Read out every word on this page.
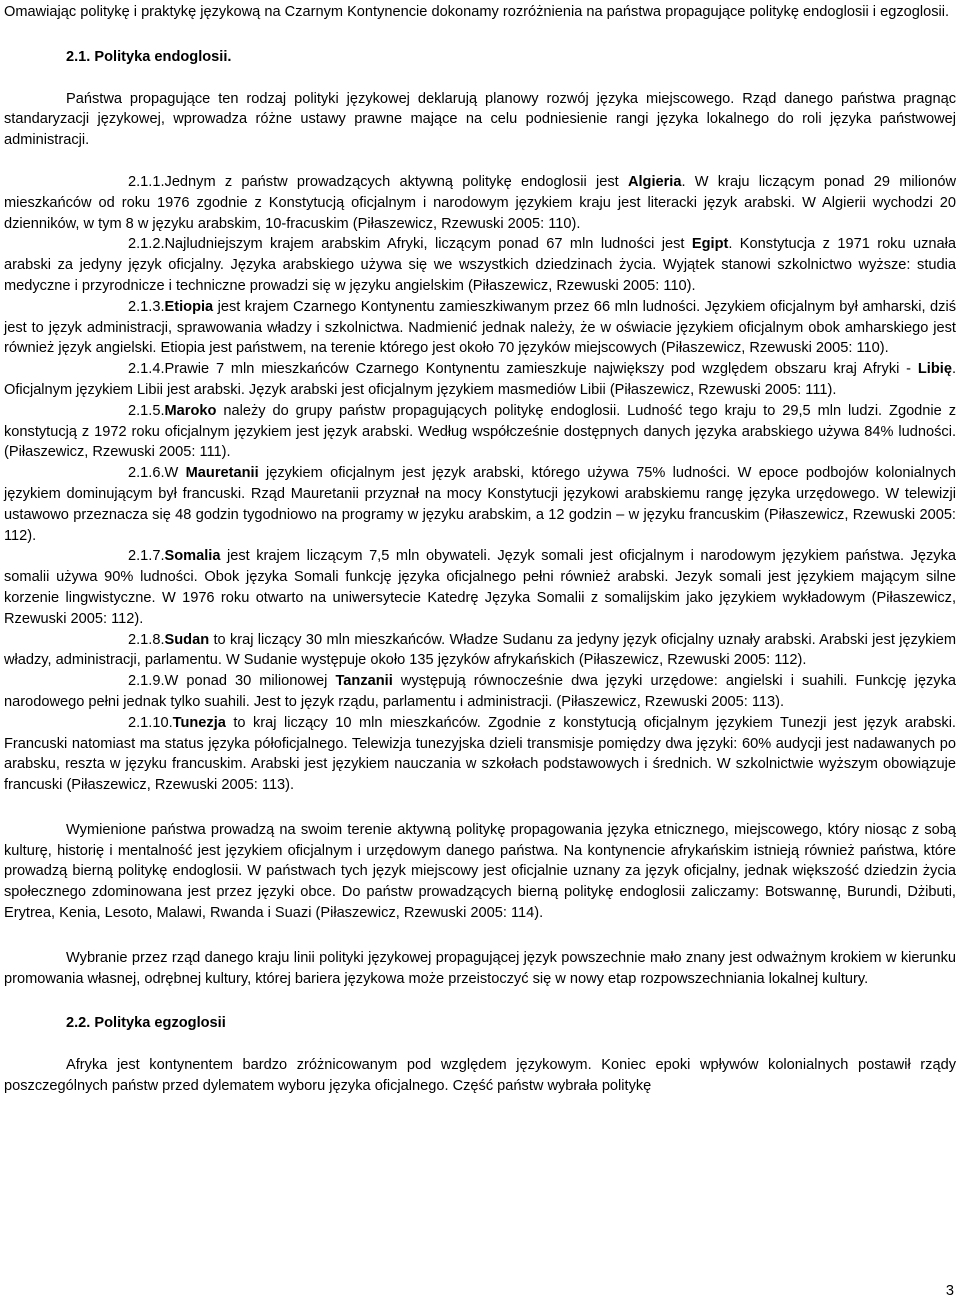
Omawiając politykę i praktykę językową na Czarnym Kontynencie dokonamy rozróżnienia na państwa propagujące politykę endoglosii i egzoglosii.

2.1. Polityka endoglosii.

Państwa propagujące ten rodzaj polityki językowej deklarują planowy rozwój języka miejscowego. Rząd danego państwa pragnąc standaryzacji językowej, wprowadza różne ustawy prawne mające na celu podniesienie rangi języka lokalnego do roli języka państwowej administracji.

2.1.1.Jednym z państw prowadzących aktywną politykę endoglosii jest Algieria. W kraju liczącym ponad 29 milionów mieszkańców od roku 1976 zgodnie z Konstytucją oficjalnym i narodowym językiem kraju jest literacki język arabski. W Algierii wychodzi 20 dzienników, w tym 8 w języku arabskim, 10-fracuskim (Piłaszewicz, Rzewuski 2005: 110).

2.1.2.Najludniejszym krajem arabskim Afryki, liczącym ponad 67 mln ludności jest Egipt. Konstytucja z 1971 roku uznała arabski za jedyny język oficjalny. Języka arabskiego używa się we wszystkich dziedzinach życia. Wyjątek stanowi szkolnictwo wyższe: studia medyczne i przyrodnicze i techniczne prowadzi się w języku angielskim (Piłaszewicz, Rzewuski 2005: 110).

2.1.3.Etiopia jest krajem Czarnego Kontynentu zamieszkiwanym przez 66 mln ludności. Językiem oficjalnym był amharski, dziś jest to język administracji, sprawowania władzy i szkolnictwa. Nadmienić jednak należy, że w oświacie językiem oficjalnym obok amharskiego jest również język angielski. Etiopia jest państwem, na terenie którego jest około 70 języków miejscowych (Piłaszewicz, Rzewuski 2005: 110).

2.1.4.Prawie 7 mln mieszkańców Czarnego Kontynentu zamieszkuje największy pod względem obszaru kraj Afryki - Libię. Oficjalnym językiem Libii jest arabski. Język arabski jest oficjalnym językiem masmediów Libii (Piłaszewicz, Rzewuski 2005: 111).

2.1.5.Maroko należy do grupy państw propagujących politykę endoglosii. Ludność tego kraju to 29,5 mln ludzi. Zgodnie z konstytucją z 1972 roku oficjalnym językiem jest język arabski. Według współcześnie dostępnych danych języka arabskiego używa 84% ludności. (Piłaszewicz, Rzewuski 2005: 111).

2.1.6.W Mauretanii językiem oficjalnym jest język arabski, którego używa 75% ludności. W epoce podbojów kolonialnych językiem dominującym był francuski. Rząd Mauretanii przyznał na mocy Konstytucji językowi arabskiemu rangę języka urzędowego. W telewizji ustawowo przeznacza się 48 godzin tygodniowo na programy w języku arabskim, a 12 godzin – w języku francuskim (Piłaszewicz, Rzewuski 2005: 112).

2.1.7.Somalia jest krajem liczącym 7,5 mln obywateli. Język somali jest oficjalnym i narodowym językiem państwa. Języka somalii używa 90% ludności. Obok języka Somali funkcję języka oficjalnego pełni również arabski. Jezyk somali jest językiem mającym silne korzenie lingwistyczne. W 1976 roku otwarto na uniwersytecie Katedrę Języka Somalii z somalijskim jako językiem wykładowym (Piłaszewicz, Rzewuski 2005: 112).

2.1.8.Sudan to kraj liczący 30 mln mieszkańców. Władze Sudanu za jedyny język oficjalny uznały arabski. Arabski jest językiem władzy, administracji, parlamentu. W Sudanie występuje około 135 języków afrykańskich (Piłaszewicz, Rzewuski 2005: 112).

2.1.9.W ponad 30 milionowej Tanzanii występują równocześnie dwa języki urzędowe: angielski i suahili. Funkcję języka narodowego pełni jednak tylko suahili. Jest to język rządu, parlamentu i administracji. (Piłaszewicz, Rzewuski 2005: 113).

2.1.10.Tunezja to kraj liczący 10 mln mieszkańców. Zgodnie z konstytucją oficjalnym językiem Tunezji jest język arabski. Francuski natomiast ma status języka półoficjalnego. Telewizja tunezyjska dzieli transmisje pomiędzy dwa języki: 60% audycji jest nadawanych po arabsku, reszta w języku francuskim. Arabski jest językiem nauczania w szkołach podstawowych i średnich. W szkolnictwie wyższym obowiązuje francuski (Piłaszewicz, Rzewuski 2005: 113).

Wymienione państwa prowadzą na swoim terenie aktywną politykę propagowania języka etnicznego, miejscowego, który niosąc z sobą kulturę, historię i mentalność jest językiem oficjalnym i urzędowym danego państwa. Na kontynencie afrykańskim istnieją również państwa, które prowadzą bierną politykę endoglosii. W państwach tych język miejscowy jest oficjalnie uznany za język oficjalny, jednak większość dziedzin życia społecznego zdominowana jest przez języki obce. Do państw prowadzących bierną politykę endoglosii zaliczamy: Botswannę, Burundi, Dżibuti, Erytrea, Kenia, Lesoto, Malawi, Rwanda i Suazi (Piłaszewicz, Rzewuski 2005: 114).

Wybranie przez rząd danego kraju linii polityki językowej propagującej język powszechnie mało znany jest odważnym krokiem w kierunku promowania własnej, odrębnej kultury, której bariera językowa może przeistoczyć się w nowy etap rozpowszechniania lokalnej kultury.

2.2. Polityka egzoglosii

Afryka jest kontynentem bardzo zróżnicowanym pod względem językowym. Koniec epoki wpływów kolonialnych postawił rządy poszczególnych państw przed dylematem wyboru języka oficjalnego. Część państw wybrała politykę

3
